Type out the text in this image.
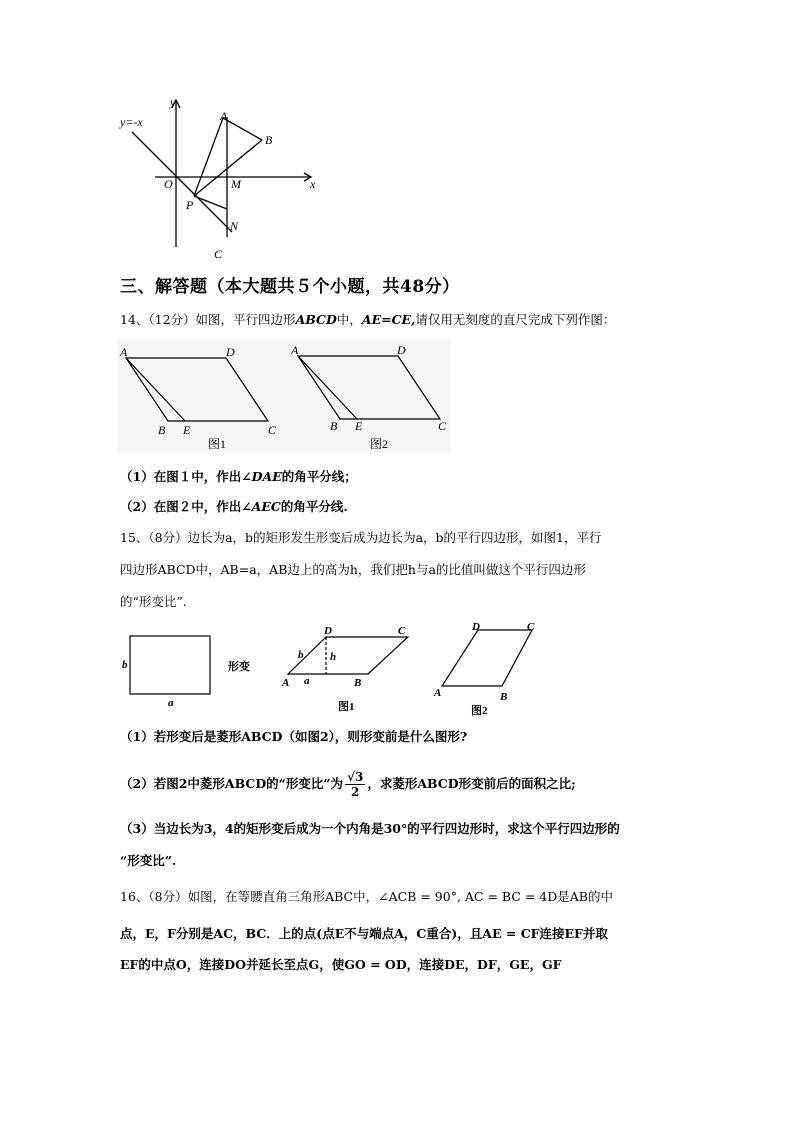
y=-x
y
x
O
A
B
M
P
N
C
三、解答题（本大题共５个小题，共48分）
14、（12分）如图，平行四边形ABCD中，AE=CE,请仅用无刻度的直尺完成下列作图：
A	D
B E	C
图1
A	D
B E	C
图2
（1）在图１中，作出∠DAE的角平分线；
（2）在图２中，作出∠AEC的角平分线.
15、（8分）边长为a，b的矩形发生形变后成为边长为a，b的平行四边形，如图1，平行
四边形ABCD中，AB=a，AB边上的高为h，我们把h与a的比值叫做这个平行四边形
的“形变比”.
b
a
形变
D	C
b h
A a	B
图1
D	C
A	B
图2
（1）若形变后是菱形ABCD（如图2），则形变前是什么图形?
（2）若图2中菱形ABCD的“形变比”为 $\frac{√3}{2}$ ，求菱形ABCD形变前后的面积之比;
（3）当边长为3，4的矩形变后成为一个内角是30°的平行四边形时，求这个平行四边形的
“形变比”.
16、（8分）如图，在等腰直角三角形ABC中，∠ACB = 90°, AC = BC = 4D是AB的中
点，E，F分别是AC，BC．上的点(点E不与端点A，C重合)，且AE = CF连接EF并取
EF的中点O，连接DO并延长至点G，使GO = OD，连接DE，DF，GE，GF
